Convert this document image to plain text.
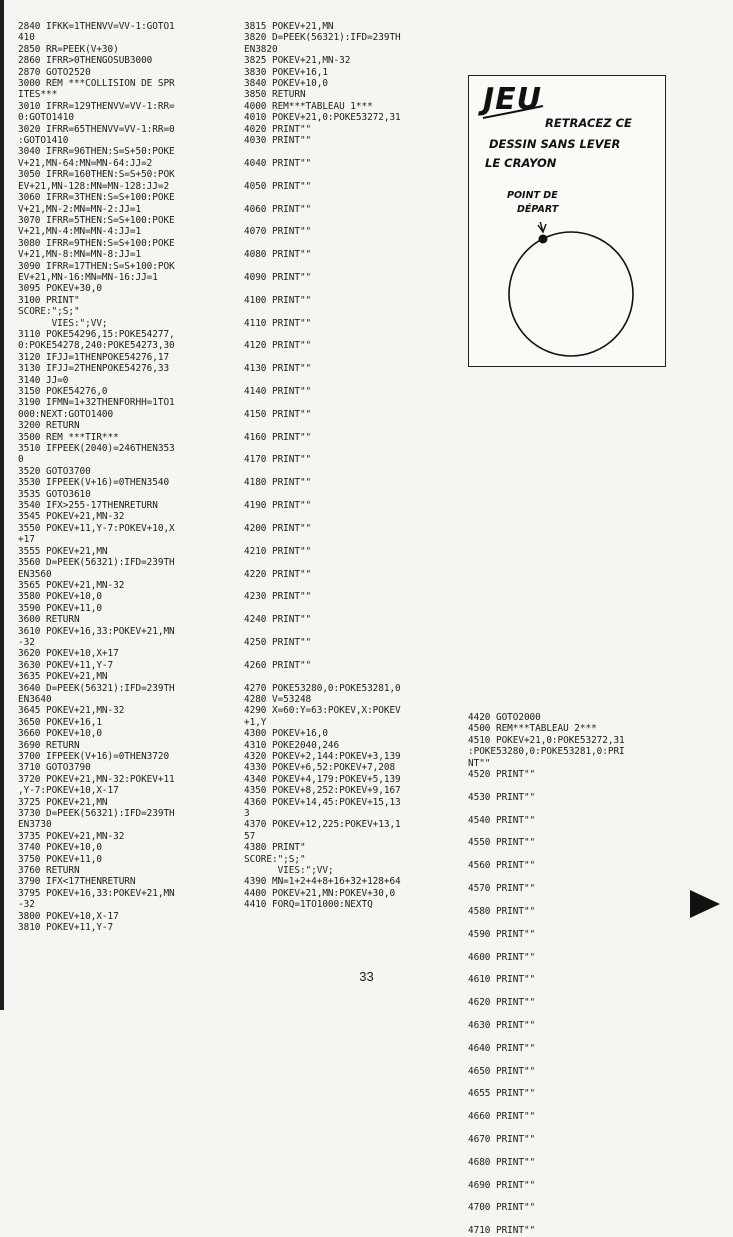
2840 IFKK=1THENVV=VV-1:GOTO1
410
2850 RR=PEEK(V+30)
2860 IFRR>0THENGOSUB3000
2870 GOTO2520
3000 REM ***COLLISION DE SPR
ITES***
3010 IFRR=129THENVV=VV-1:RR=
0:GOTO1410
3020 IFRR=65THENVV=VV-1:RR=0
:GOTO1410
3040 IFRR=96THEN:S=S+50:POKE
V+21,MN-64:MN=MN-64:JJ=2
3050 IFRR=160THEN:S=S+50:POK
EV+21,MN-128:MN=MN-128:JJ=2
3060 IFRR=3THEN:S=S+100:POKE
V+21,MN-2:MN=MN-2:JJ=1
3070 IFRR=5THEN:S=S+100:POKE
V+21,MN-4:MN=MN-4:JJ=1
3080 IFRR=9THEN:S=S+100:POKE
V+21,MN-8:MN=MN-8:JJ=1
3090 IFRR=17THEN:S=S+100:POK
EV+21,MN-16:MN=MN-16:JJ=1
3095 POKEV+30,0
3100 PRINT"
SCORE:";S;"
VIES:";VV;
3110 POKE54296,15:POKE54277,
0:POKE54278,240:POKE54273,30
3120 IFJJ=1THENPOKE54276,17
3130 IFJJ=2THENPOKE54276,33
3140 JJ=0
3150 POKE54276,0
3190 IFMN=1+32THENFORHH=1TO1
000:NEXT:GOTO1400
3200 RETURN
3500 REM ***TIR***
3510 IFPEEK(2040)=246THEN353
0
3520 GOTO3700
3530 IFPEEK(V+16)=0THEN3540
3535 GOTO3610
3540 IFX>255-17THENRETURN
3545 POKEV+21,MN-32
3550 POKEV+11,Y-7:POKEV+10,X
+17
3555 POKEV+21,MN
3560 D=PEEK(56321):IFD=239TH
EN3560
3565 POKEV+21,MN-32
3580 POKEV+10,0
3590 POKEV+11,0
3600 RETURN
3610 POKEV+16,33:POKEV+21,MN
-32
3620 POKEV+10,X+17
3630 POKEV+11,Y-7
3635 POKEV+21,MN
3640 D=PEEK(56321):IFD=239TH
EN3640
3645 POKEV+21,MN-32
3650 POKEV+16,1
3660 POKEV+10,0
3690 RETURN
3700 IFPEEK(V+16)=0THEN3720
3710 GOTO3790
3720 POKEV+21,MN-32:POKEV+11
,Y-7:POKEV+10,X-17
3725 POKEV+21,MN
3730 D=PEEK(56321):IFD=239TH
EN3730
3735 POKEV+21,MN-32
3740 POKEV+10,0
3750 POKEV+11,0
3760 RETURN
3790 IFX<17THENRETURN
3795 POKEV+16,33:POKEV+21,MN
-32
3800 POKEV+10,X-17
3810 POKEV+11,Y-7
3815 POKEV+21,MN
3820 D=PEEK(56321):IFD=239TH
EN3820
3825 POKEV+21,MN-32
3830 POKEV+16,1
3840 POKEV+10,0
3850 RETURN
4000 REM***TABLEAU 1***
4010 POKEV+21,0:POKE53272,31
4020 PRINT""
4030 PRINT""

4040 PRINT""

4050 PRINT""

4060 PRINT""

4070 PRINT""

4080 PRINT""

4090 PRINT""

4100 PRINT""

4110 PRINT""

4120 PRINT""

4130 PRINT""

4140 PRINT""

4150 PRINT""

4160 PRINT""

4170 PRINT""

4180 PRINT""

4190 PRINT""

4200 PRINT""

4210 PRINT""

4220 PRINT""

4230 PRINT""

4240 PRINT""

4250 PRINT""

4260 PRINT""

4270 POKE53280,0:POKE53281,0
4280 V=53248
4290 X=60:Y=63:POKEV,X:POKEV
+1,Y
4300 POKEV+16,0
4310 POKE2040,246
4320 POKEV+2,144:POKEV+3,139
4330 POKEV+6,52:POKEV+7,208
4340 POKEV+4,179:POKEV+5,139
4350 POKEV+8,252:POKEV+9,167
4360 POKEV+14,45:POKEV+15,13
3
4370 POKEV+12,225:POKEV+13,1
57
4380 PRINT"
SCORE:";S;"
VIES:";VV;
4390 MN=1+2+4+8+16+32+128+64
4400 POKEV+21,MN:POKEV+30,0
4410 FORQ=1TO1000:NEXTQ
4420 GOTO2000
4500 REM***TABLEAU 2***
4510 POKEV+21,0:POKE53272,31
:POKE53280,0:POKE53281,0:PRI
NT""
4520 PRINT""

4530 PRINT""

4540 PRINT""

4550 PRINT""

4560 PRINT""

4570 PRINT""

4580 PRINT""

4590 PRINT""

4600 PRINT""

4610 PRINT""

4620 PRINT""

4630 PRINT""

4640 PRINT""

4650 PRINT""

4655 PRINT""

4660 PRINT""

4670 PRINT""

4680 PRINT""

4690 PRINT""

4700 PRINT""

4710 PRINT""
JEU
RETRACEZ CE
DESSIN SANS LEVER
LE CRAYON
POINT DE
DÉPART
33
